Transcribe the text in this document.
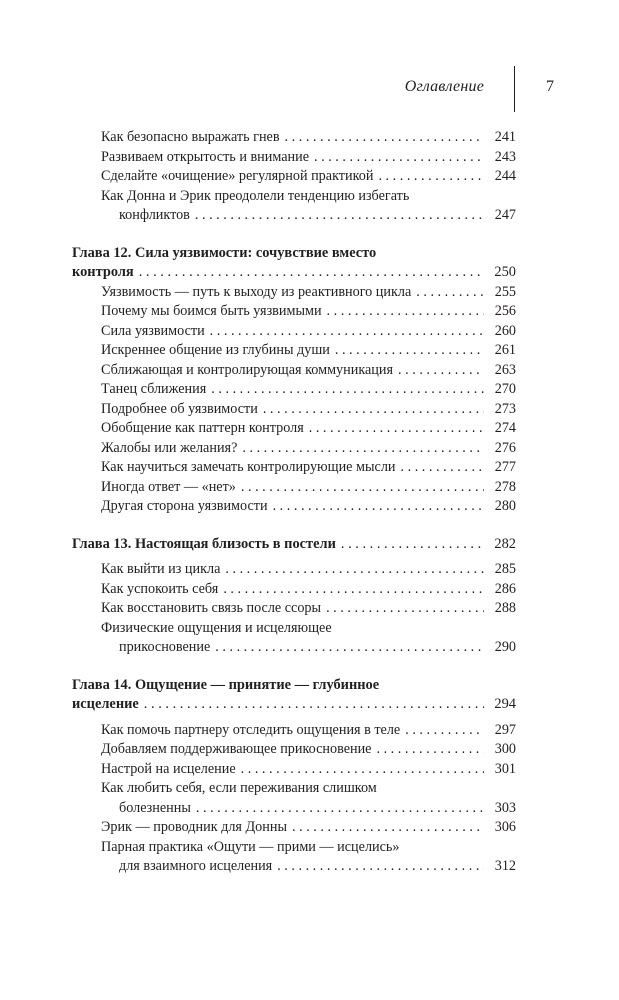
Оглавление	7
Как безопасно выражать гнев . . .	241
Развиваем открытость и внимание . . .	243
Сделайте «очищение» регулярной практикой . . .	244
Как Донна и Эрик преодолели тенденцию избегать
конфликтов . . .	247
Глава 12. Сила уязвимости: сочувствие вместо
контроля . . .	250
Уязвимость — путь к выходу из реактивного цикла . . .	255
Почему мы боимся быть уязвимыми . . .	256
Сила уязвимости . . .	260
Искреннее общение из глубины души . . .	261
Сближающая и контролирующая коммуникация . . .	263
Танец сближения . . .	270
Подробнее об уязвимости . . .	273
Обобщение как паттерн контроля . . .	274
Жалобы или желания? . . .	276
Как научиться замечать контролирующие мысли . . .	277
Иногда ответ — «нет» . . .	278
Другая сторона уязвимости . . .	280
Глава 13. Настоящая близость в постели . . .	282
Как выйти из цикла . . .	285
Как успокоить себя . . .	286
Как восстановить связь после ссоры . . .	288
Физические ощущения и исцеляющее
прикосновение . . .	290
Глава 14. Ощущение — принятие — глубинное
исцеление . . .	294
Как помочь партнеру отследить ощущения в теле . . .	297
Добавляем поддерживающее прикосновение . . .	300
Настрой на исцеление . . .	301
Как любить себя, если переживания слишком
болезненны . . .	303
Эрик — проводник для Донны . . .	306
Парная практика «Ощути — прими — исцелись»
для взаимного исцеления . . .	312
